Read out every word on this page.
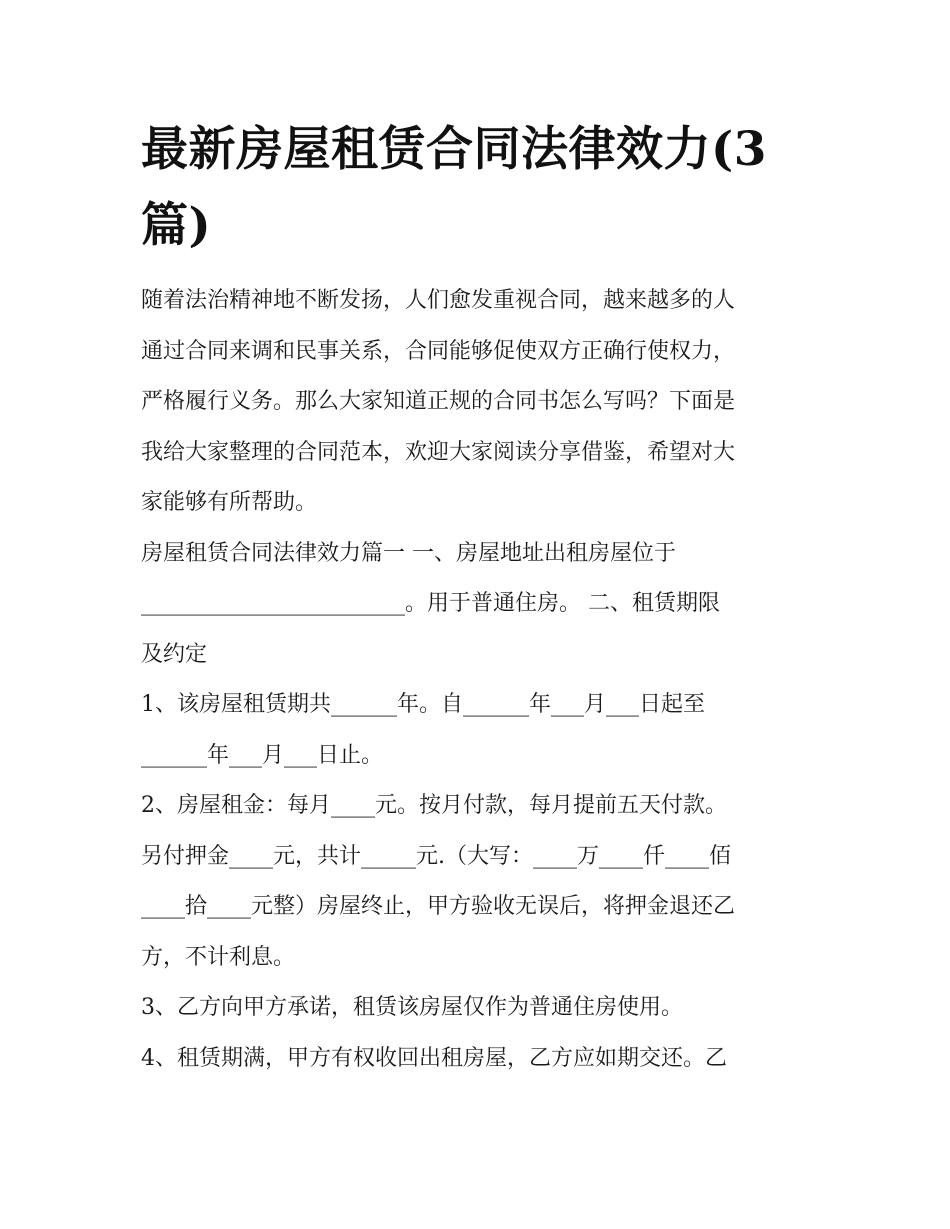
最新房屋租赁合同法律效力(3
篇)

随着法治精神地不断发扬，人们愈发重视合同，越来越多的人
通过合同来调和民事关系，合同能够促使双方正确行使权力，
严格履行义务。那么大家知道正规的合同书怎么写吗？下面是
我给大家整理的合同范本，欢迎大家阅读分享借鉴，希望对大
家能够有所帮助。

房屋租赁合同法律效力篇一 一、房屋地址出租房屋位于
________________________。用于普通住房。 二、租赁期限
及约定

1、该房屋租赁期共______年。自______年___月___日起至
______年___月___日止。

2、房屋租金：每月____元。按月付款，每月提前五天付款。
另付押金____元，共计_____元.（大写：____万____仟____佰
____拾____元整）房屋终止，甲方验收无误后，将押金退还乙
方，不计利息。

3、乙方向甲方承诺，租赁该房屋仅作为普通住房使用。

4、租赁期满，甲方有权收回出租房屋，乙方应如期交还。乙
